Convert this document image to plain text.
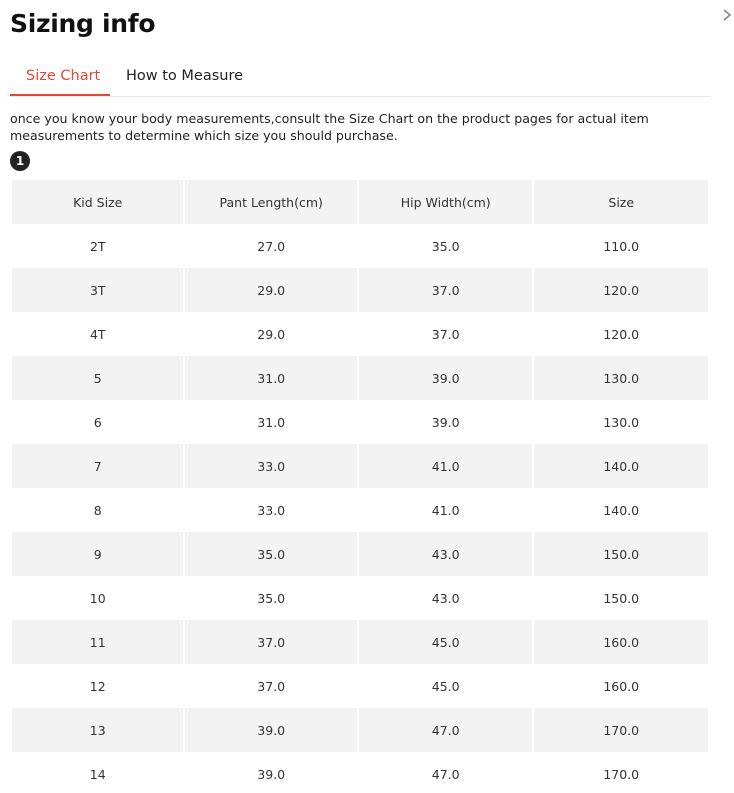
Sizing info
Size Chart How to Measure

once you know your body measurements,consult the Size Chart on the product pages for actual item measurements to determine which size you should purchase.

1
Kid Size	Pant Length(cm)	Hip Width(cm)	Size
2T	27.0	35.0	110.0
3T	29.0	37.0	120.0
4T	29.0	37.0	120.0
5	31.0	39.0	130.0
6	31.0	39.0	130.0
7	33.0	41.0	140.0
8	33.0	41.0	140.0
9	35.0	43.0	150.0
10	35.0	43.0	150.0
11	37.0	45.0	160.0
12	37.0	45.0	160.0
13	39.0	47.0	170.0
14	39.0	47.0	170.0
